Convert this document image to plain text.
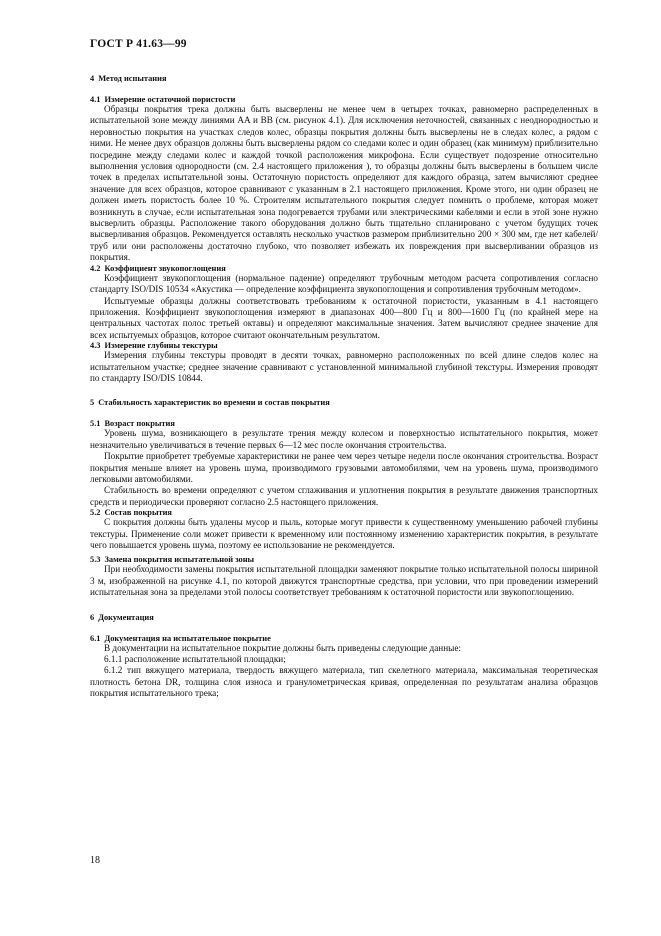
ГОСТ Р 41.63—99
4 Метод испытания
4.1 Измерение остаточной пористости

Образцы покрытия трека должны быть высверлены не менее чем в четырех точках, равномерно распределенных в испытательной зоне между линиями AA и BB (см. рисунок 4.1). Для исключения неточностей, связанных с неоднородностью и неровностью покрытия на участках следов колес, образцы покрытия должны быть высверлены не в следах колес, а рядом с ними. Не менее двух образцов должны быть высверлены рядом со следами колес и один образец (как минимум) приблизительно посредине между следами колес и каждой точкой расположения микрофона. Если существует подозрение относительно выполнения условия однородности (см. 2.4 настоящего приложения ), то образцы должны быть высверлены в большем числе точек в пределах испытательной зоны. Остаточную пористость определяют для каждого образца, затем вычисляют среднее значение для всех образцов, которое сравнивают с указанным в 2.1 настоящего приложения. Кроме этого, ни один образец не должен иметь пористость более 10 %. Строителям испытательного покрытия следует помнить о проблеме, которая может возникнуть в случае, если испытательная зона подогревается трубами или электрическими кабелями и если в этой зоне нужно высверлить образцы. Расположение такого оборудования должно быть тщательно спланировано с учетом будущих точек высверливания образцов. Рекомендуется оставлять несколько участков размером приблизительно 200 × 300 мм, где нет кабелей/труб или они расположены достаточно глубоко, что позволяет избежать их повреждения при высверливании образцов из покрытия.

4.2 Коэффициент звукопоглощения

Коэффициент звукопоглощения (нормальное падение) определяют трубочным методом расчета сопротивления согласно стандарту ISO/DIS 10534 «Акустика — определение коэффициента звукопоглощения и сопротивления трубочным методом».

Испытуемые образцы должны соответствовать требованиям к остаточной пористости, указанным в 4.1 настоящего приложения. Коэффициент звукопоглощения измеряют в диапазонах 400—800 Гц и 800—1600 Гц (по крайней мере на центральных частотах полос третьей октавы) и определяют максимальные значения. Затем вычисляют среднее значение для всех испытуемых образцов, которое считают окончательным результатом.

4.3 Измерение глубины текстуры

Измерения глубины текстуры проводят в десяти точках, равномерно расположенных по всей длине следов колес на испытательном участке; среднее значение сравнивают с установленной минимальной глубиной текстуры. Измерения проводят по стандарту ISO/DIS 10844.

5 Стабильность характеристик во времени и состав покрытия
5.1 Возраст покрытия

Уровень шума, возникающего в результате трения между колесом и поверхностью испытательного покрытия, может незначительно увеличиваться в течение первых 6—12 мес после окончания строительства.

Покрытие приобретет требуемые характеристики не ранее чем через четыре недели после окончания строительства. Возраст покрытия меньше влияет на уровень шума, производимого грузовыми автомобилями, чем на уровень шума, производимого легковыми автомобилями.

Стабильность во времени определяют с учетом сглаживания и уплотнения покрытия в результате движения транспортных средств и периодически проверяют согласно 2.5 настоящего приложения.

5.2 Состав покрытия

С покрытия должны быть удалены мусор и пыль, которые могут привести к существенному уменьшению рабочей глубины текстуры. Применение соли может привести к временному или постоянному изменению характеристик покрытия, в результате чего повышается уровень шума, поэтому ее использование не рекомендуется.

5.3 Замена покрытия испытательной зоны

При необходимости замены покрытия испытательной площадки заменяют покрытие только испытательной полосы шириной 3 м, изображенной на рисунке 4.1, по которой движутся транспортные средства, при условии, что при проведении измерений испытательная зона за пределами этой полосы соответствует требованиям к остаточной пористости или звукопоглощению.

6 Документация
6.1 Документация на испытательное покрытие

В документации на испытательное покрытие должны быть приведены следующие данные:

6.1.1 расположение испытательной площадки;

6.1.2 тип вяжущего материала, твердость вяжущего материала, тип скелетного материала, максимальная теоретическая плотность бетона DR, толщина слоя износа и гранулометрическая кривая, определенная по результатам анализа образцов покрытия испытательного трека;

18
